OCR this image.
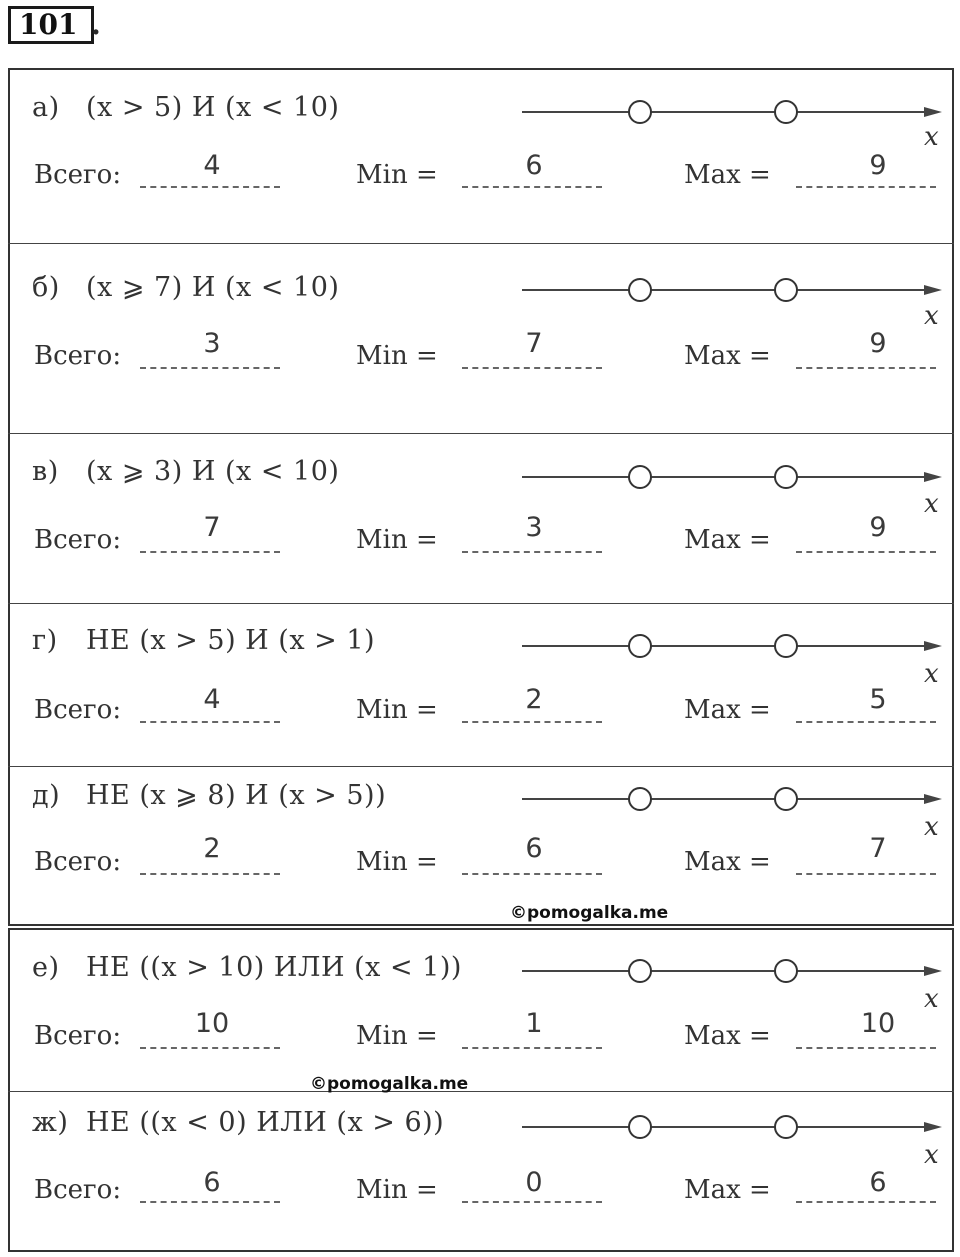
101 .
а) (x > 5) И (x < 10)
x
Всего:	Min =	Max =
4	6	9
б) (x ⩾ 7) И (x < 10)
x
Всего:	Min =	Max =
3	7	9
в) (x ⩾ 3) И (x < 10)
x
Всего:	Min =	Max =
7	3	9
г) НЕ (x > 5) И (x > 1)
x
Всего:	Min =	Max =
4	2	5
д) НЕ (x ⩾ 8) И (x > 5))
x
Всего:	Min =	Max =
2	6	7
е) НЕ ((x > 10) ИЛИ (x < 1))
x
Всего:	Min =	Max =
10	1	10
ж) НЕ ((x < 0) ИЛИ (x > 6))
x
Всего:	Min =	Max =
6	0	6
©pomogalka.me
©pomogalka.me
